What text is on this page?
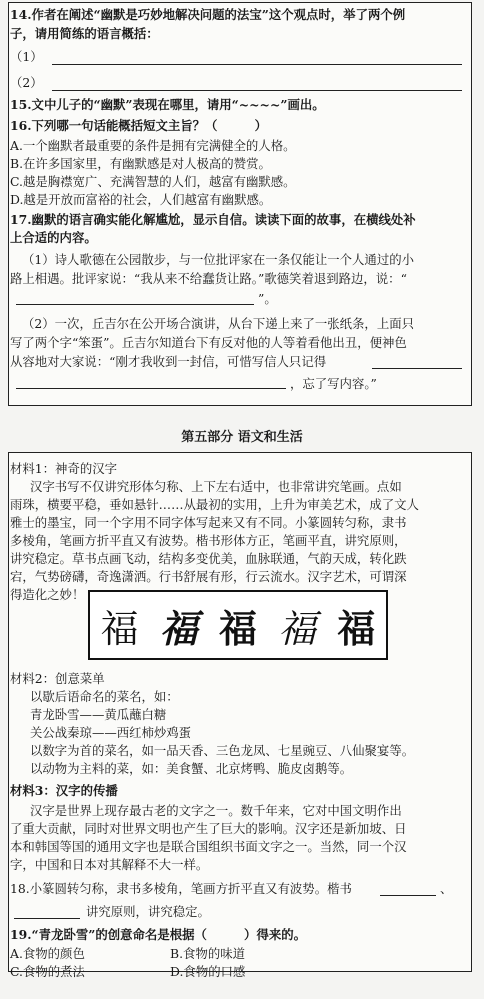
14.作者在阐述“幽默是巧妙地解决问题的法宝”这个观点时，举了两个例
子，请用简练的语言概括：
（1）
（2）
15.文中儿子的“幽默”表现在哪里，请用“~~~~”画出。
16.下列哪一句话能概括短文主旨？（　　　）
A.一个幽默者最重要的条件是拥有完满健全的人格。
B.在许多国家里，有幽默感是对人极高的赞赏。
C.越是胸襟宽广、充满智慧的人们，越富有幽默感。
D.越是开放而富裕的社会，人们越富有幽默感。
17.幽默的语言确实能化解尴尬，显示自信。读读下面的故事，在横线处补
上合适的内容。
（1）诗人歌德在公园散步，与一位批评家在一条仅能让一个人通过的小
路上相遇。批评家说：“我从来不给蠢货让路。”歌德笑着退到路边，说：“
”。
（2）一次，丘吉尔在公开场合演讲，从台下递上来了一张纸条，上面只
写了两个字“笨蛋”。丘吉尔知道台下有反对他的人等着看他出丑，便神色
从容地对大家说：“刚才我收到一封信，可惜写信人只记得
，忘了写内容。”
第五部分 语文和生活
材料1：神奇的汉字
汉字书写不仅讲究形体匀称、上下左右适中，也非常讲究笔画。点如
雨珠，横要平稳，垂如悬针……从最初的实用，上升为审美艺术，成了文人
雅士的墨宝，同一个字用不同字体写起来又有不同。小篆圆转匀称，隶书
多棱角，笔画方折平直又有波势。楷书形体方正，笔画平直，讲究原则，
讲究稳定。草书点画飞动，结构多变优美，血脉联通，气韵天成，转化跌
宕，气势磅礴，奇逸潇洒。行书舒展有形，行云流水。汉字艺术，可谓深
得造化之妙！
福 福 福 福 福
材料2：创意菜单
以歇后语命名的菜名，如：
青龙卧雪——黄瓜蘸白糖
关公战秦琼——西红柿炒鸡蛋
以数字为首的菜名，如一品天香、三色龙凤、七星豌豆、八仙聚宴等。
以动物为主料的菜，如：美食蟹、北京烤鸭、脆皮卤鹅等。
材料3：汉字的传播
汉字是世界上现存最古老的文字之一。数千年来，它对中国文明作出
了重大贡献，同时对世界文明也产生了巨大的影响。汉字还是新加坡、日
本和韩国等国的通用文字也是联合国组织书面文字之一。当然，同一个汉
字，中国和日本对其解释不大一样。
18.小篆圆转匀称，隶书多棱角，笔画方折平直又有波势。楷书	、
讲究原则，讲究稳定。
19.“青龙卧雪”的创意命名是根据（　　　）得来的。
A.食物的颜色	B.食物的味道
C.食物的煮法	D.食物的口感
